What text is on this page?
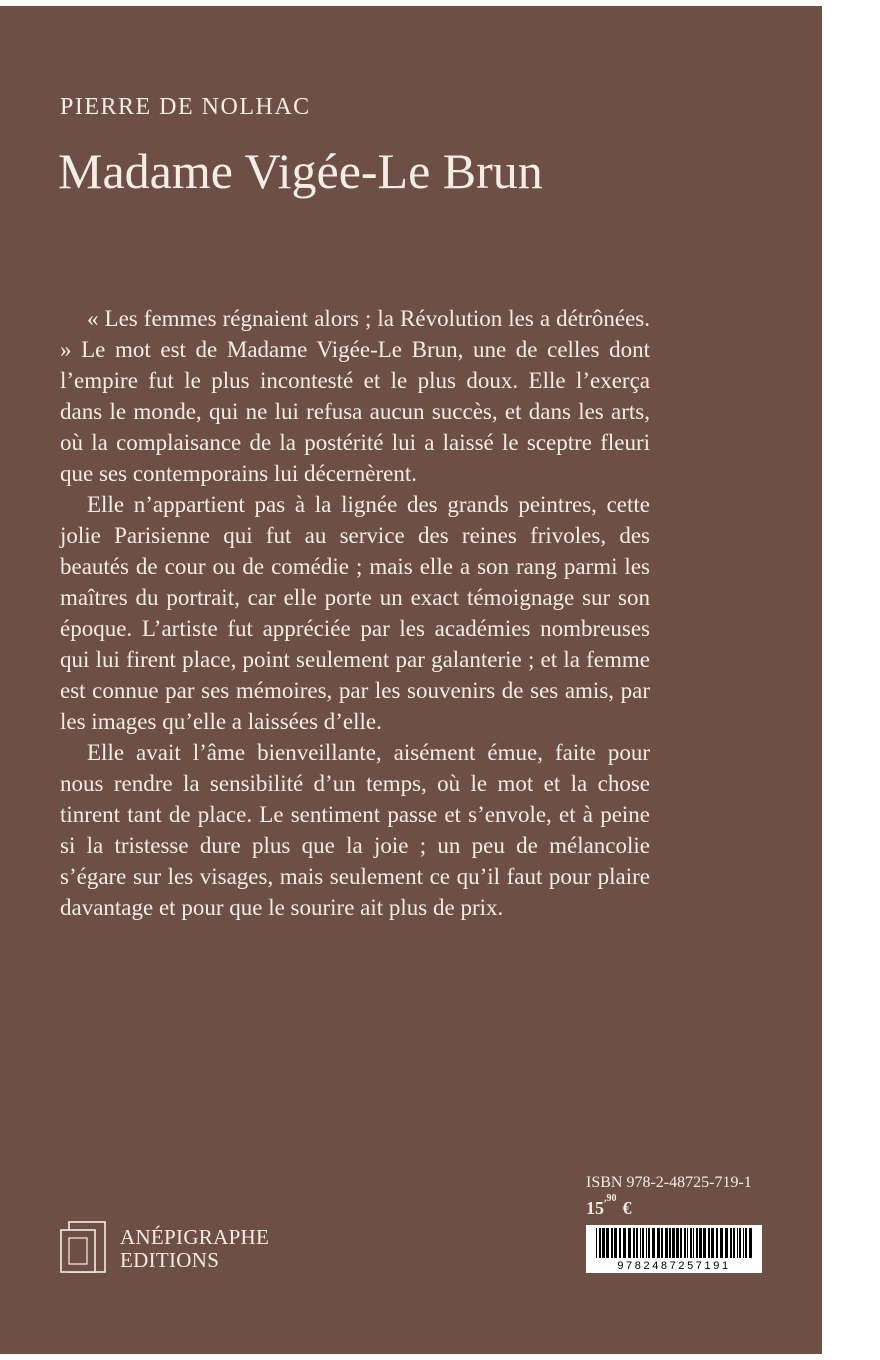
PIERRE DE NOLHAC
Madame Vigée-Le Brun

« Les femmes régnaient alors ; la Révolution les a détrônées. » Le mot est de Madame Vigée-Le Brun, une de celles dont l’empire fut le plus incontesté et le plus doux. Elle l’exerça dans le monde, qui ne lui refusa aucun succès, et dans les arts, où la complaisance de la postérité lui a laissé le sceptre fleuri que ses contemporains lui décernèrent.

Elle n’appartient pas à la lignée des grands peintres, cette jolie Parisienne qui fut au service des reines frivoles, des beautés de cour ou de comédie ; mais elle a son rang parmi les maîtres du portrait, car elle porte un exact témoignage sur son époque. L’artiste fut appréciée par les académies nombreuses qui lui firent place, point seulement par galanterie ; et la femme est connue par ses mémoires, par les souvenirs de ses amis, par les images qu’elle a laissées d’elle.

Elle avait l’âme bienveillante, aisément émue, faite pour nous rendre la sensibilité d’un temps, où le mot et la chose tinrent tant de place. Le sentiment passe et s’envole, et à peine si la tristesse dure plus que la joie ; un peu de mélancolie s’égare sur les visages, mais seulement ce qu’il faut pour plaire davantage et pour que le sourire ait plus de prix.

ANÉPIGRAPHE
EDITIONS
ISBN 978-2-48725-719-1
$15^{,90}$ €
9782487257191
